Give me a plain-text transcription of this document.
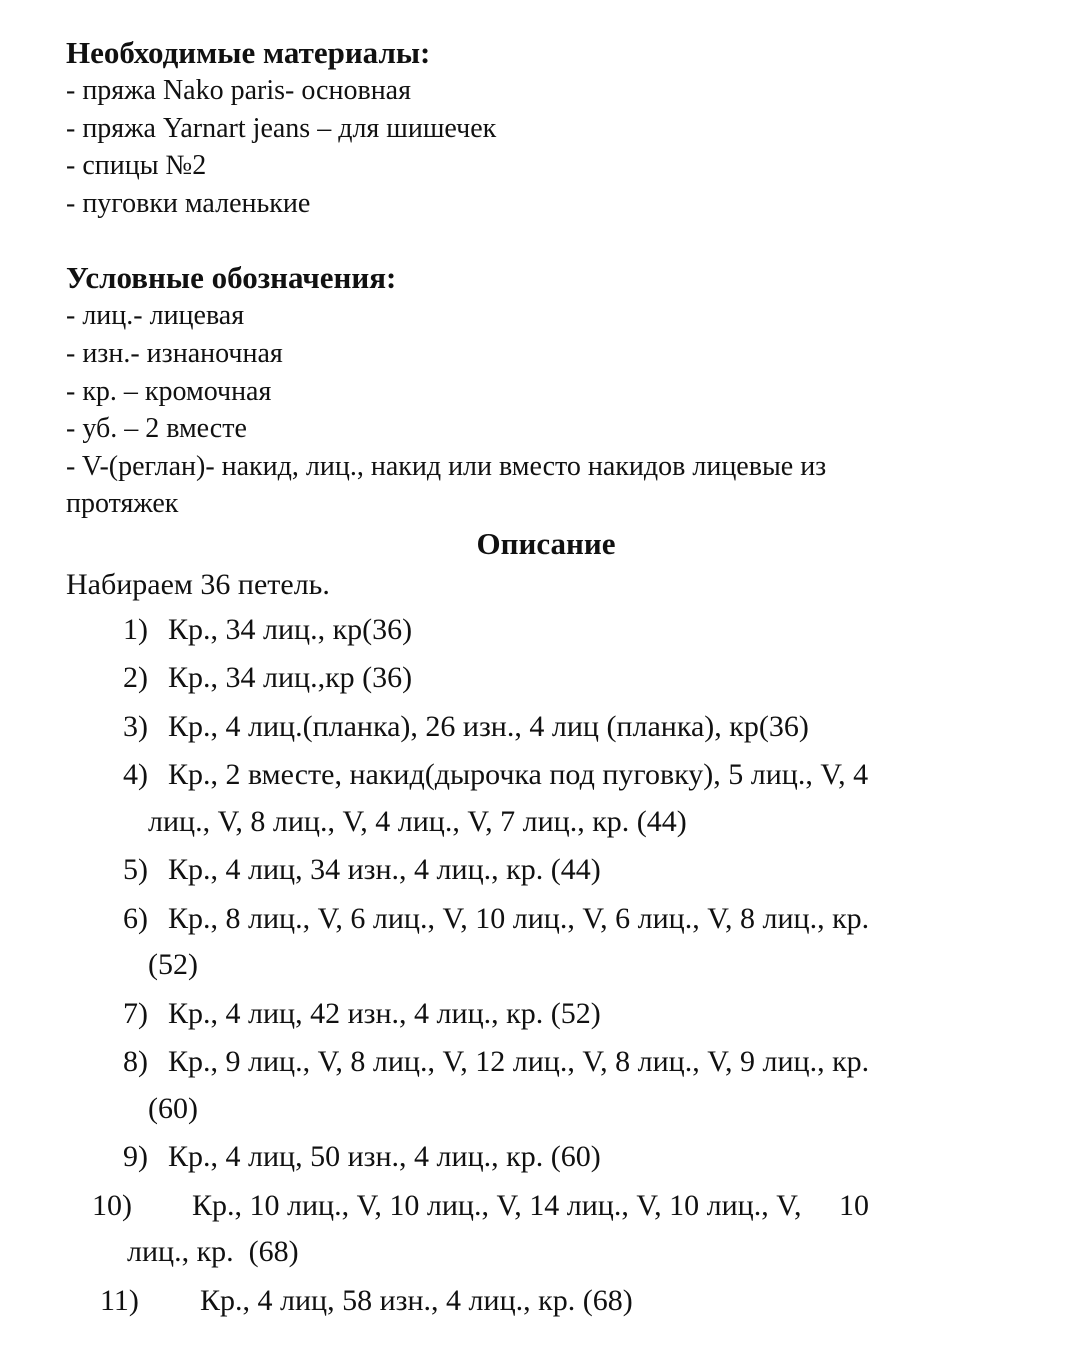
Необходимые материалы:

- пряжа Nako paris- основная

- пряжа Yarnart jeans – для шишечек

- спицы №2

- пуговки маленькие

Условные обозначения:

- лиц.- лицевая

- изн.- изнаночная

- кр. – кромочная

- уб. – 2 вместе

- V-(реглан)- накид, лиц., накид или вместо накидов лицевые из

протяжек

Описание

Набираем 36 петель.

1) Кр., 34 лиц., кр(36)
2) Кр., 34 лиц.,кр (36)
3) Кр., 4 лиц.(планка), 26 изн., 4 лиц (планка), кр(36)
4) Кр., 2 вместе, накид(дырочка под пуговку), 5 лиц., V, 4
лиц., V, 8 лиц., V, 4 лиц., V, 7 лиц., кр. (44)
5) Кр., 4 лиц, 34 изн., 4 лиц., кр. (44)
6) Кр., 8 лиц., V, 6 лиц., V, 10 лиц., V, 6 лиц., V, 8 лиц., кр.
(52)
7) Кр., 4 лиц, 42 изн., 4 лиц., кр. (52)
8) Кр., 9 лиц., V, 8 лиц., V, 12 лиц., V, 8 лиц., V, 9 лиц., кр.
(60)
9) Кр., 4 лиц, 50 изн., 4 лиц., кр. (60)
10)	Кр., 10 лиц., V, 10 лиц., V, 14 лиц., V, 10 лиц., V,     10
лиц., кр.  (68)
11)	Кр., 4 лиц, 58 изн., 4 лиц., кр. (68)
